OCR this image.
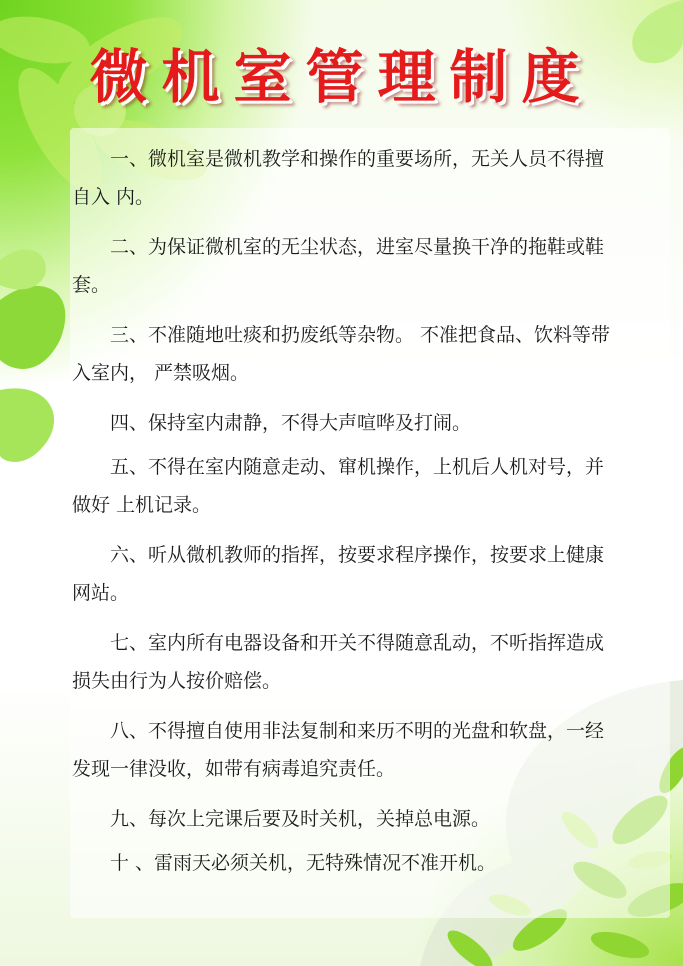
微机室管理制度
一、微机室是微机教学和操作的重要场所，无关人员不得擅自入 内。
二、为保证微机室的无尘状态，进室尽量换干净的拖鞋或鞋套。
三、不准随地吐痰和扔废纸等杂物。 不准把食品、饮料等带入室内， 严禁吸烟。
四、保持室内肃静，不得大声喧哗及打闹。
五、不得在室内随意走动、窜机操作，上机后人机对号，并做好 上机记录。
六、听从微机教师的指挥，按要求程序操作，按要求上健康网站。
七、室内所有电器设备和开关不得随意乱动，不听指挥造成损失由行为人按价赔偿。
八、不得擅自使用非法复制和来历不明的光盘和软盘，一经发现一律没收，如带有病毒追究责任。
九、每次上完课后要及时关机，关掉总电源。
十 、雷雨天必须关机，无特殊情况不准开机。
